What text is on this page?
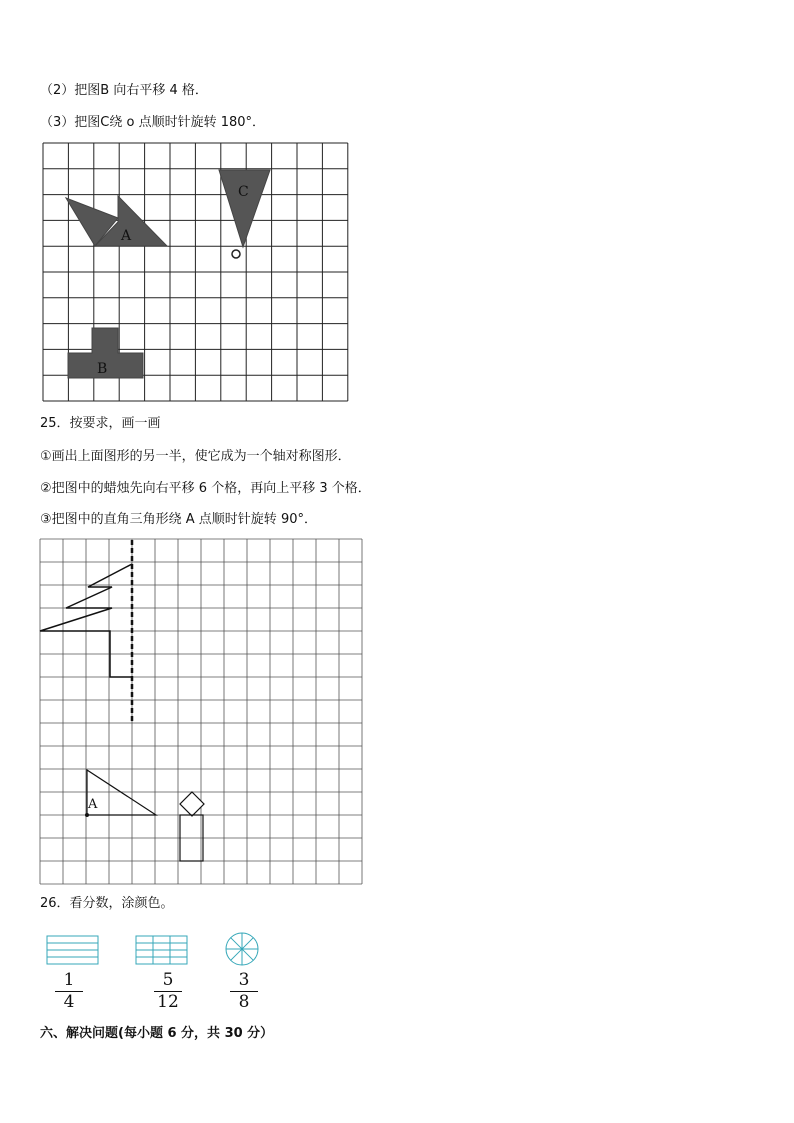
（2）把图B 向右平移 4 格．
（3）把图C绕 o 点顺时针旋转 180°．
A
C
B
25．按要求，画一画
①画出上面图形的另一半，使它成为一个轴对称图形．
②把图中的蜡烛先向右平移 6 个格，再向上平移 3 个格．
③把图中的直角三角形绕 A 点顺时针旋转 90°．
A
26．看分数，涂颜色。
1
4
5
12
3
8
六、解决问题(每小题 6 分，共 30 分）
